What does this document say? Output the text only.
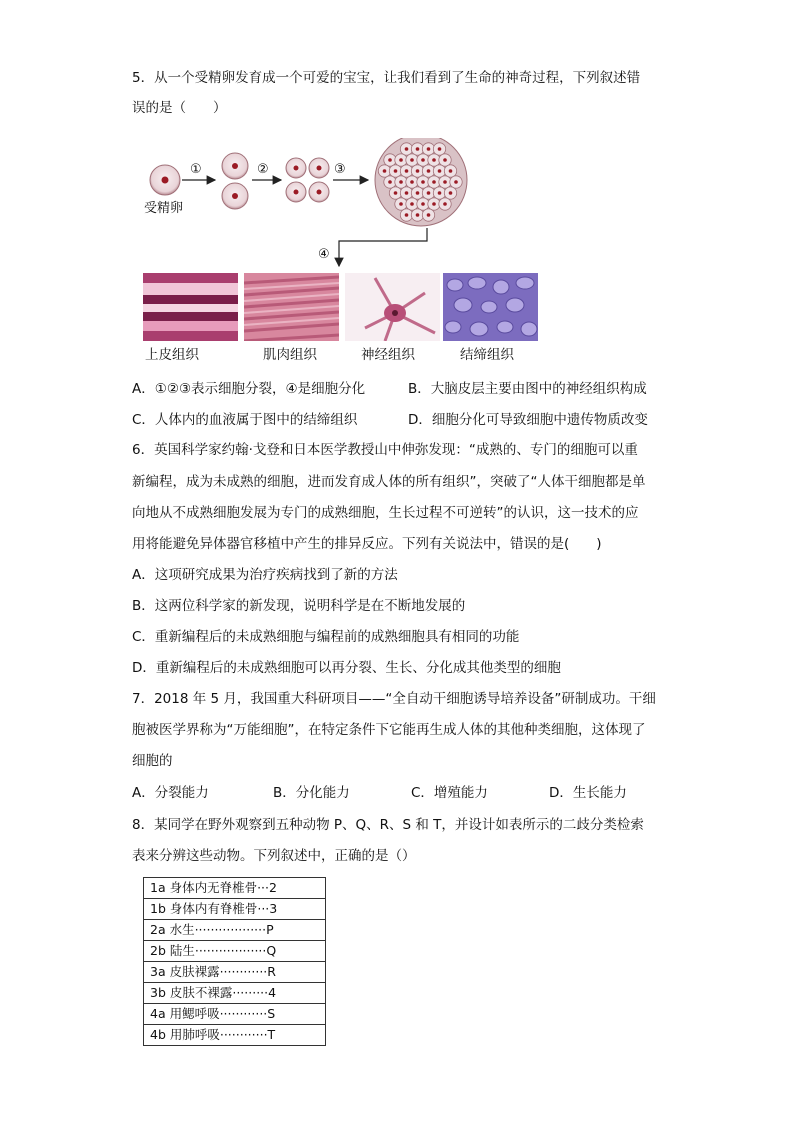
5．从一个受精卵发育成一个可爱的宝宝，让我们看到了生命的神奇过程，下列叙述错
误的是（　　）
受精卵
①	②	③
④
上皮组织	肌肉组织	神经组织	结缔组织
A．①②③表示细胞分裂，④是细胞分化	B．大脑皮层主要由图中的神经组织构成
C．人体内的血液属于图中的结缔组织	D．细胞分化可导致细胞中遗传物质改变
6．英国科学家约翰·戈登和日本医学教授山中伸弥发现：“成熟的、专门的细胞可以重
新编程，成为未成熟的细胞，进而发育成人体的所有组织”，突破了“人体干细胞都是单
向地从不成熟细胞发展为专门的成熟细胞，生长过程不可逆转”的认识，这一技术的应
用将能避免异体器官移植中产生的排异反应。下列有关说法中，错误的是(　　)
A．这项研究成果为治疗疾病找到了新的方法
B．这两位科学家的新发现，说明科学是在不断地发展的
C．重新编程后的未成熟细胞与编程前的成熟细胞具有相同的功能
D．重新编程后的未成熟细胞可以再分裂、生长、分化成其他类型的细胞
7．2018 年 5 月，我国重大科研项目——“全自动干细胞诱导培养设备”研制成功。干细
胞被医学界称为“万能细胞”，在特定条件下它能再生成人体的其他种类细胞，这体现了
细胞的
A．分裂能力	B．分化能力	C．增殖能力	D．生长能力
8．某同学在野外观察到五种动物 P、Q、R、S 和 T，并设计如表所示的二歧分类检索
表来分辨这些动物。下列叙述中，正确的是（）
1a 身体内无脊椎骨···2
1b 身体内有脊椎骨···3
2a 水生··················P
2b 陆生··················Q
3a 皮肤裸露············R
3b 皮肤不裸露·········4
4a 用鳃呼吸············S
4b 用肺呼吸············T
